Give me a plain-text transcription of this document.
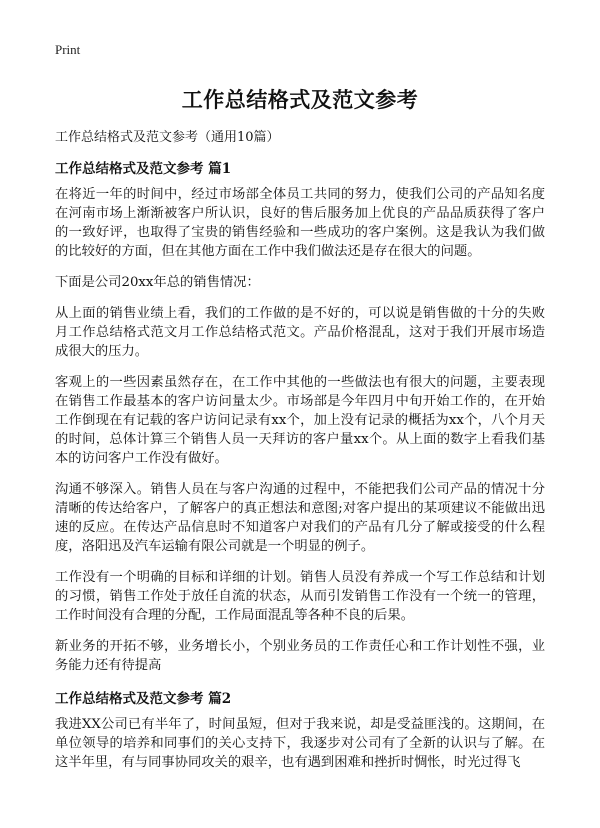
Print
工作总结格式及范文参考
工作总结格式及范文参考（通用10篇）
工作总结格式及范文参考 篇1

在将近一年的时间中，经过市场部全体员工共同的努力，使我们公司的产品知名度在河南市场上渐渐被客户所认识，良好的售后服务加上优良的产品品质获得了客户的一致好评，也取得了宝贵的销售经验和一些成功的客户案例。这是我认为我们做的比较好的方面，但在其他方面在工作中我们做法还是存在很大的问题。

下面是公司20xx年总的销售情况：

从上面的销售业绩上看，我们的工作做的是不好的，可以说是销售做的十分的失败月工作总结格式范文月工作总结格式范文。产品价格混乱，这对于我们开展市场造成很大的压力。

客观上的一些因素虽然存在，在工作中其他的一些做法也有很大的问题，主要表现在销售工作最基本的客户访问量太少。市场部是今年四月中旬开始工作的，在开始工作倒现在有记载的客户访问记录有xx个，加上没有记录的概括为xx个，八个月天的时间，总体计算三个销售人员一天拜访的客户量xx个。从上面的数字上看我们基本的访问客户工作没有做好。

沟通不够深入。销售人员在与客户沟通的过程中，不能把我们公司产品的情况十分清晰的传达给客户，了解客户的真正想法和意图;对客户提出的某项建议不能做出迅速的反应。在传达产品信息时不知道客户对我们的产品有几分了解或接受的什么程度，洛阳迅及汽车运输有限公司就是一个明显的例子。

工作没有一个明确的目标和详细的计划。销售人员没有养成一个写工作总结和计划的习惯，销售工作处于放任自流的状态，从而引发销售工作没有一个统一的管理，工作时间没有合理的分配，工作局面混乱等各种不良的后果。

新业务的开拓不够，业务增长小，个别业务员的工作责任心和工作计划性不强，业务能力还有待提高

工作总结格式及范文参考 篇2

我进XX公司已有半年了，时间虽短，但对于我来说，却是受益匪浅的。这期间，在单位领导的培养和同事们的关心支持下，我逐步对公司有了全新的认识与了解。在这半年里，有与同事协同攻关的艰辛，也有遇到困难和挫折时惆怅，时光过得飞
